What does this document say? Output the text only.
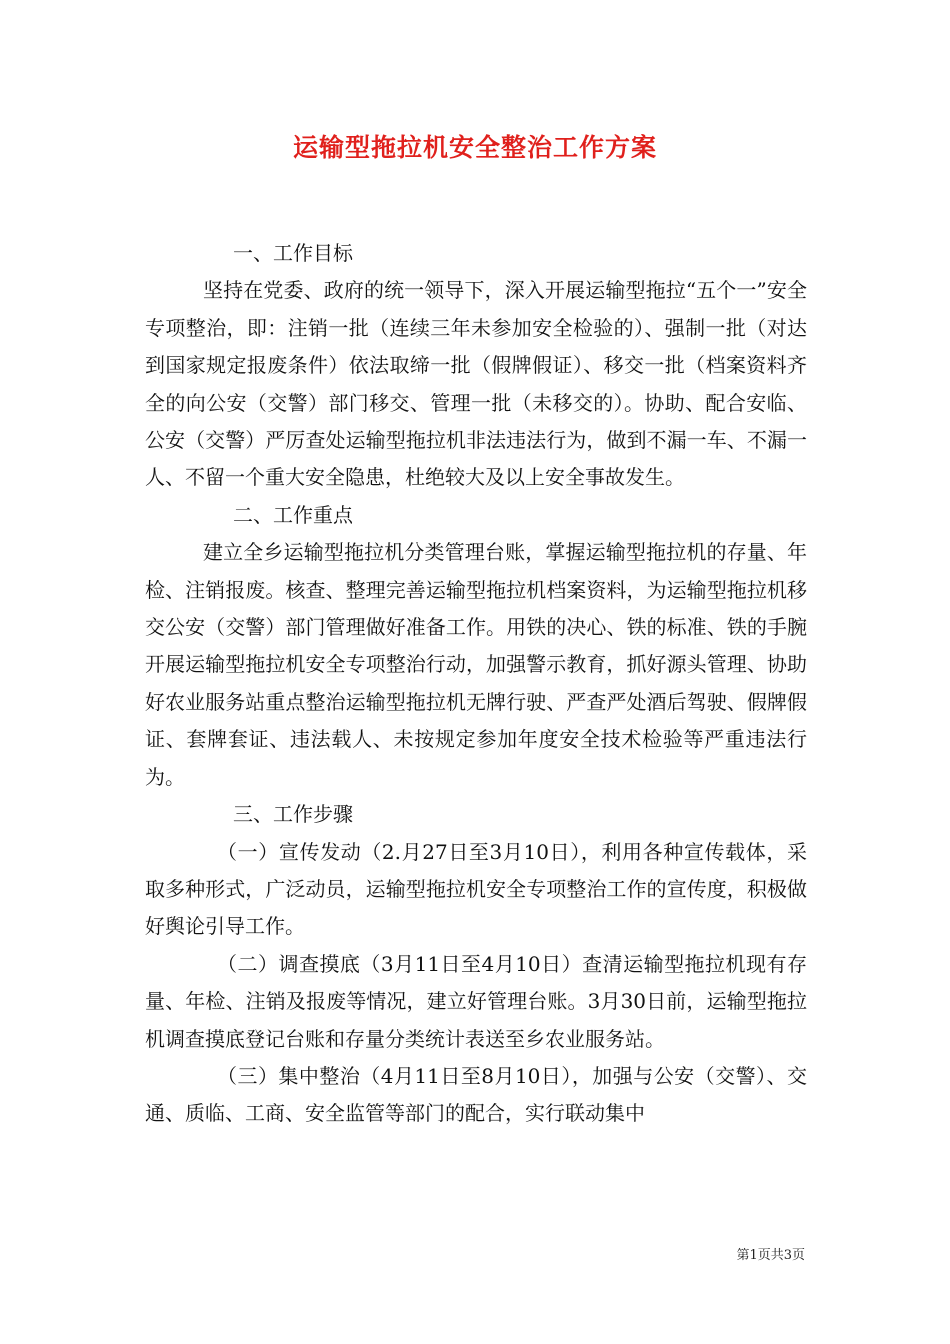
运输型拖拉机安全整治工作方案

一、工作目标

坚持在党委、政府的统一领导下，深入开展运输型拖拉“五个一”安全专项整治，即：注销一批（连续三年未参加安全检验的）、强制一批（对达到国家规定报废条件）依法取缔一批（假牌假证）、移交一批（档案资料齐全的向公安（交警）部门移交、管理一批（未移交的）。协助、配合安临、公安（交警）严厉查处运输型拖拉机非法违法行为，做到不漏一车、不漏一人、不留一个重大安全隐患，杜绝较大及以上安全事故发生。

二、工作重点

建立全乡运输型拖拉机分类管理台账，掌握运输型拖拉机的存量、年检、注销报废。核查、整理完善运输型拖拉机档案资料，为运输型拖拉机移交公安（交警）部门管理做好准备工作。用铁的决心、铁的标准、铁的手腕开展运输型拖拉机安全专项整治行动，加强警示教育，抓好源头管理、协助好农业服务站重点整治运输型拖拉机无牌行驶、严查严处酒后驾驶、假牌假证、套牌套证、违法载人、未按规定参加年度安全技术检验等严重违法行为。

三、工作步骤

（一）宣传发动（2.月27日至3月10日），利用各种宣传载体，采取多种形式，广泛动员，运输型拖拉机安全专项整治工作的宣传度，积极做好舆论引导工作。

（二）调查摸底（3月11日至4月10日）查清运输型拖拉机现有存量、年检、注销及报废等情况，建立好管理台账。3月30日前，运输型拖拉机调查摸底登记台账和存量分类统计表送至乡农业服务站。

（三）集中整治（4月11日至8月10日），加强与公安（交警）、交通、质临、工商、安全监管等部门的配合，实行联动集中

第1页共3页
